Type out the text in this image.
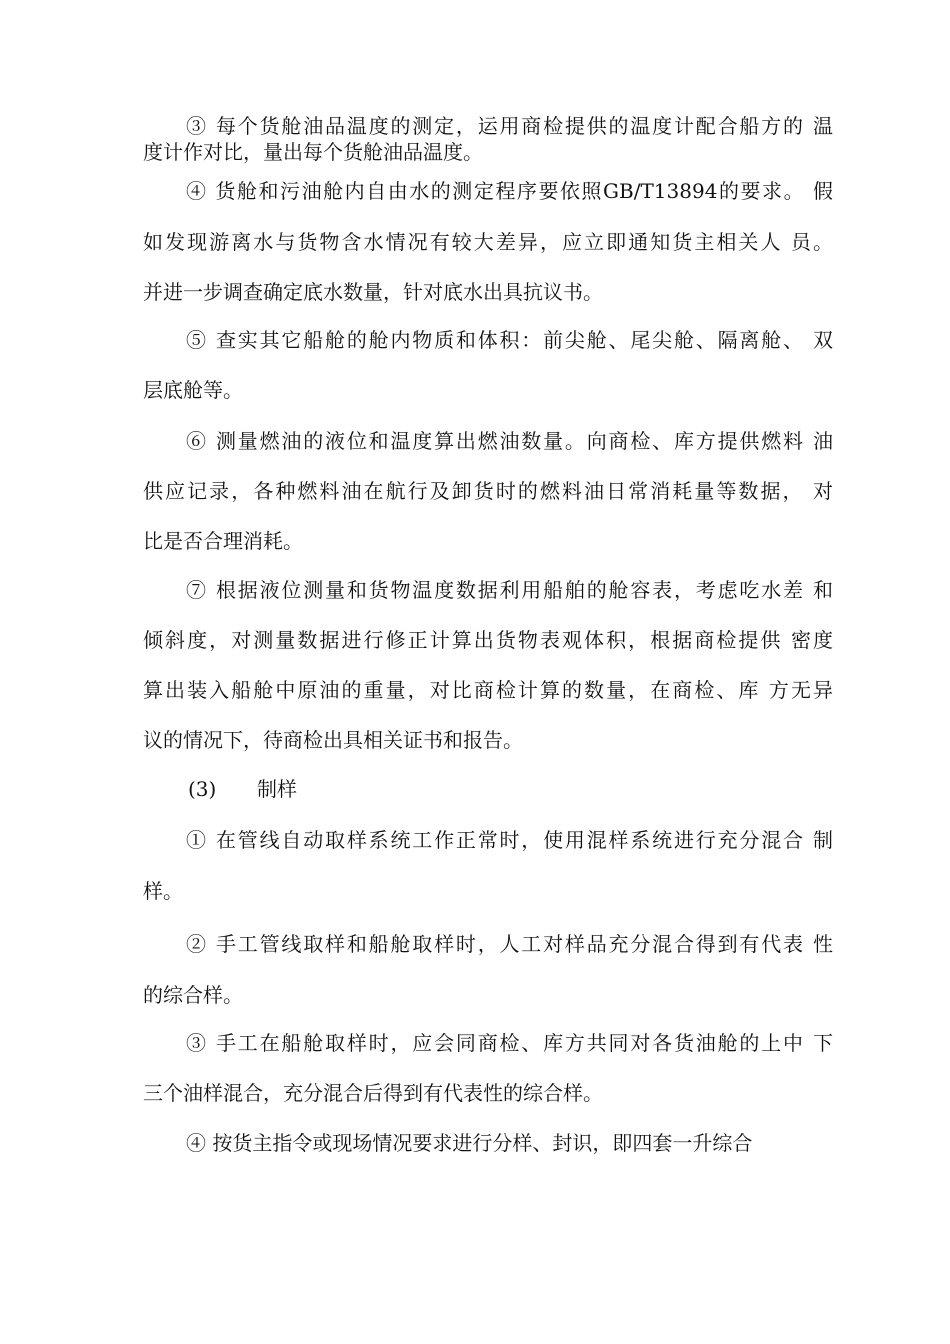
③ 每个货舱油品温度的测定，运用商检提供的温度计配合船方的 温
度计作对比，量出每个货舱油品温度。
④ 货舱和污油舱内自由水的测定程序要依照GB/T13894的要求。 假
如发现游离水与货物含水情况有较大差异，应立即通知货主相关人 员。
并进一步调查确定底水数量，针对底水出具抗议书。
⑤ 查实其它船舱的舱内物质和体积：前尖舱、尾尖舱、隔离舱、 双
层底舱等。
⑥ 测量燃油的液位和温度算出燃油数量。向商检、库方提供燃料 油
供应记录，各种燃料油在航行及卸货时的燃料油日常消耗量等数据， 对
比是否合理消耗。
⑦ 根据液位测量和货物温度数据利用船舶的舱容表，考虑吃水差 和
倾斜度，对测量数据进行修正计算出货物表观体积，根据商检提供 密度
算出装入船舱中原油的重量，对比商检计算的数量，在商检、库 方无异
议的情况下，待商检出具相关证书和报告。
(3) 制样
① 在管线自动取样系统工作正常时，使用混样系统进行充分混合 制
样。
② 手工管线取样和船舱取样时，人工对样品充分混合得到有代表 性
的综合样。
③ 手工在船舱取样时，应会同商检、库方共同对各货油舱的上中 下
三个油样混合，充分混合后得到有代表性的综合样。
④ 按货主指令或现场情况要求进行分样、封识，即四套一升综合
